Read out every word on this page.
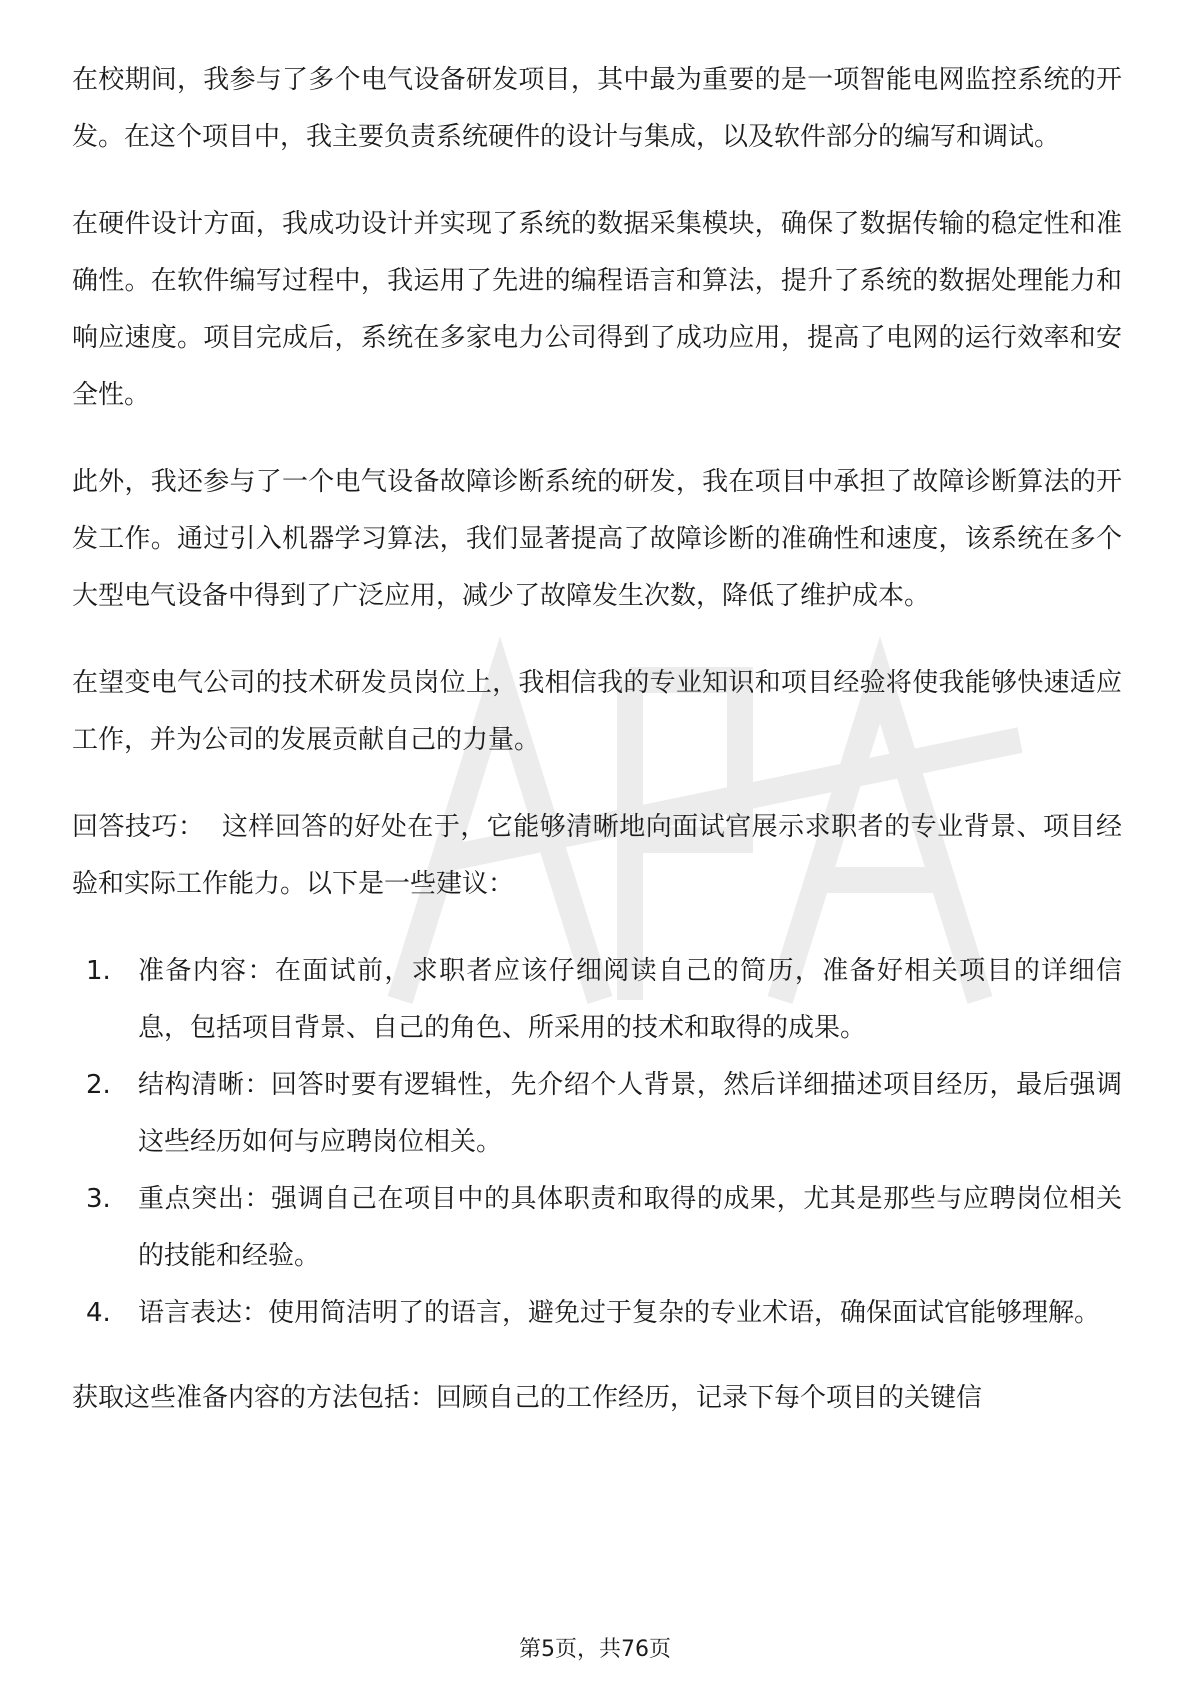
在校期间，我参与了多个电气设备研发项目，其中最为重要的是一项智能电网监控系统的开发。在这个项目中，我主要负责系统硬件的设计与集成，以及软件部分的编写和调试。

在硬件设计方面，我成功设计并实现了系统的数据采集模块，确保了数据传输的稳定性和准确性。在软件编写过程中，我运用了先进的编程语言和算法，提升了系统的数据处理能力和响应速度。项目完成后，系统在多家电力公司得到了成功应用，提高了电网的运行效率和安全性。

此外，我还参与了一个电气设备故障诊断系统的研发，我在项目中承担了故障诊断算法的开发工作。通过引入机器学习算法，我们显著提高了故障诊断的准确性和速度，该系统在多个大型电气设备中得到了广泛应用，减少了故障发生次数，降低了维护成本。

在望变电气公司的技术研发员岗位上，我相信我的专业知识和项目经验将使我能够快速适应工作，并为公司的发展贡献自己的力量。

回答技巧：  这样回答的好处在于，它能够清晰地向面试官展示求职者的专业背景、项目经验和实际工作能力。以下是一些建议：

1.	准备内容：在面试前，求职者应该仔细阅读自己的简历，准备好相关项目的详细信息，包括项目背景、自己的角色、所采用的技术和取得的成果。
2.	结构清晰：回答时要有逻辑性，先介绍个人背景，然后详细描述项目经历，最后强调这些经历如何与应聘岗位相关。
3.	重点突出：强调自己在项目中的具体职责和取得的成果，尤其是那些与应聘岗位相关的技能和经验。
4.	语言表达：使用简洁明了的语言，避免过于复杂的专业术语，确保面试官能够理解。

获取这些准备内容的方法包括：回顾自己的工作经历，记录下每个项目的关键信

第5页，共76页
